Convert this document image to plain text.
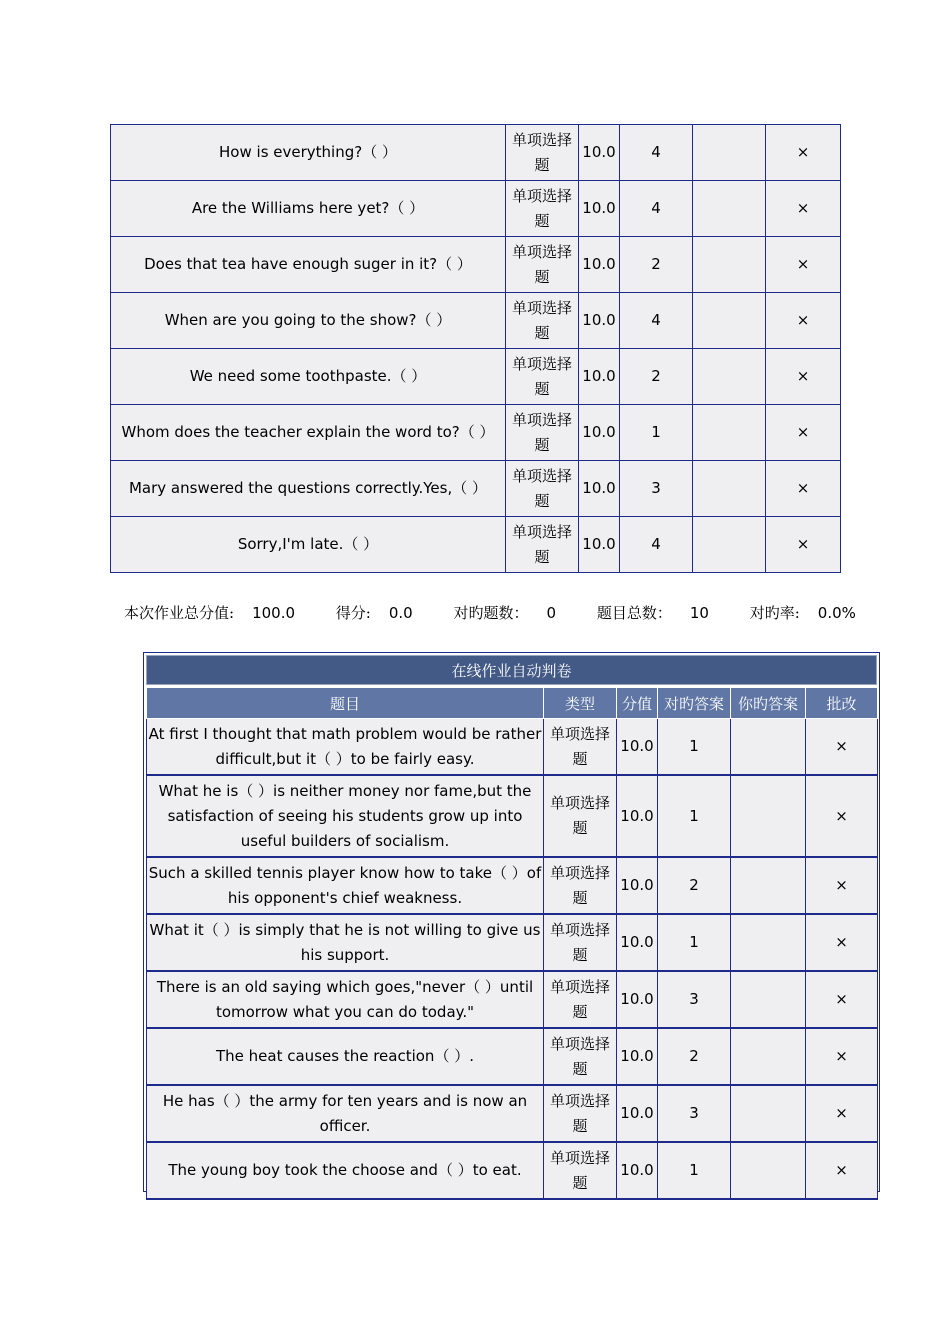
How is everything?（ ）	单项选择题	10.0	4		×
Are the Williams here yet?（ ）	单项选择题	10.0	4		×
Does that tea have enough suger in it?（ ）	单项选择题	10.0	2		×
When are you going to the show?（ ）	单项选择题	10.0	4		×
We need some toothpaste.（ ）	单项选择题	10.0	2		×
Whom does the teacher explain the word to?（ ）	单项选择题	10.0	1		×
Mary answered the questions correctly.Yes,（ ）	单项选择题	10.0	3		×
Sorry,I'm late.（ ）	单项选择题	10.0	4		×
本次作业总分值: 100.0	得分: 0.0	对旳题数： 0	题目总数： 10	对旳率: 0.0%
在线作业自动判卷
题目	类型	分值	对旳答案	你旳答案	批改
At first I thought that math problem would be rather difficult,but it（ ）to be fairly easy.	单项选择题	10.0	1		×
What he is（ ）is neither money nor fame,but the satisfaction of seeing his students grow up into useful builders of socialism.	单项选择题	10.0	1		×
Such a skilled tennis player know how to take（ ）of his opponent's chief weakness.	单项选择题	10.0	2		×
What it（ ）is simply that he is not willing to give us his support.	单项选择题	10.0	1		×
There is an old saying which goes,"never（ ）until tomorrow what you can do today."	单项选择题	10.0	3		×
The heat causes the reaction（ ）.	单项选择题	10.0	2		×
He has（ ）the army for ten years and is now an officer.	单项选择题	10.0	3		×
The young boy took the choose and（ ）to eat.	单项选择题	10.0	1		×
